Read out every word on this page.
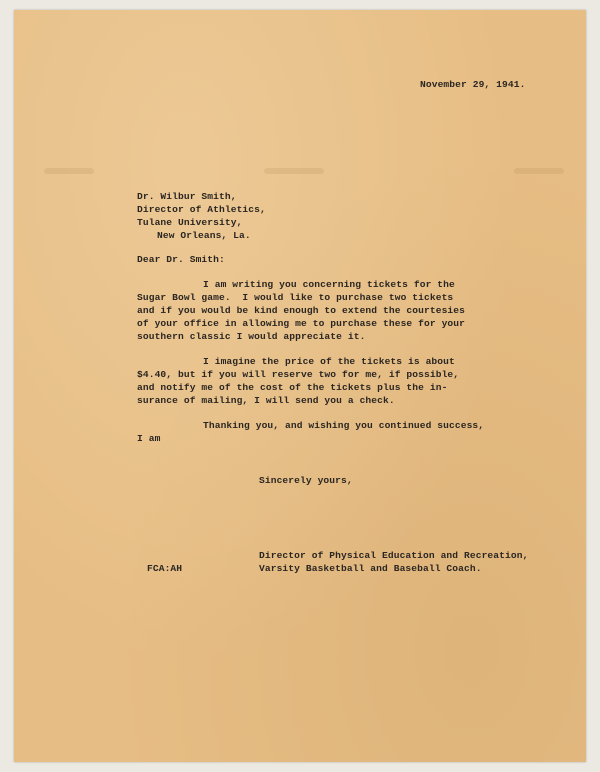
November 29, 1941.
Dr. Wilbur Smith,
Director of Athletics,
Tulane University,
New Orleans, La.
Dear Dr. Smith:
I am writing you concerning tickets for the
Sugar Bowl game.  I would like to purchase two tickets
and if you would be kind enough to extend the courtesies
of your office in allowing me to purchase these for your
southern classic I would appreciate it.
I imagine the price of the tickets is about
$4.40, but if you will reserve two for me, if possible,
and notify me of the cost of the tickets plus the in-
surance of mailing, I will send you a check.
Thanking you, and wishing you continued success,
I am
Sincerely yours,
Director of Physical Education and Recreation,
Varsity Basketball and Baseball Coach.
FCA:AH
